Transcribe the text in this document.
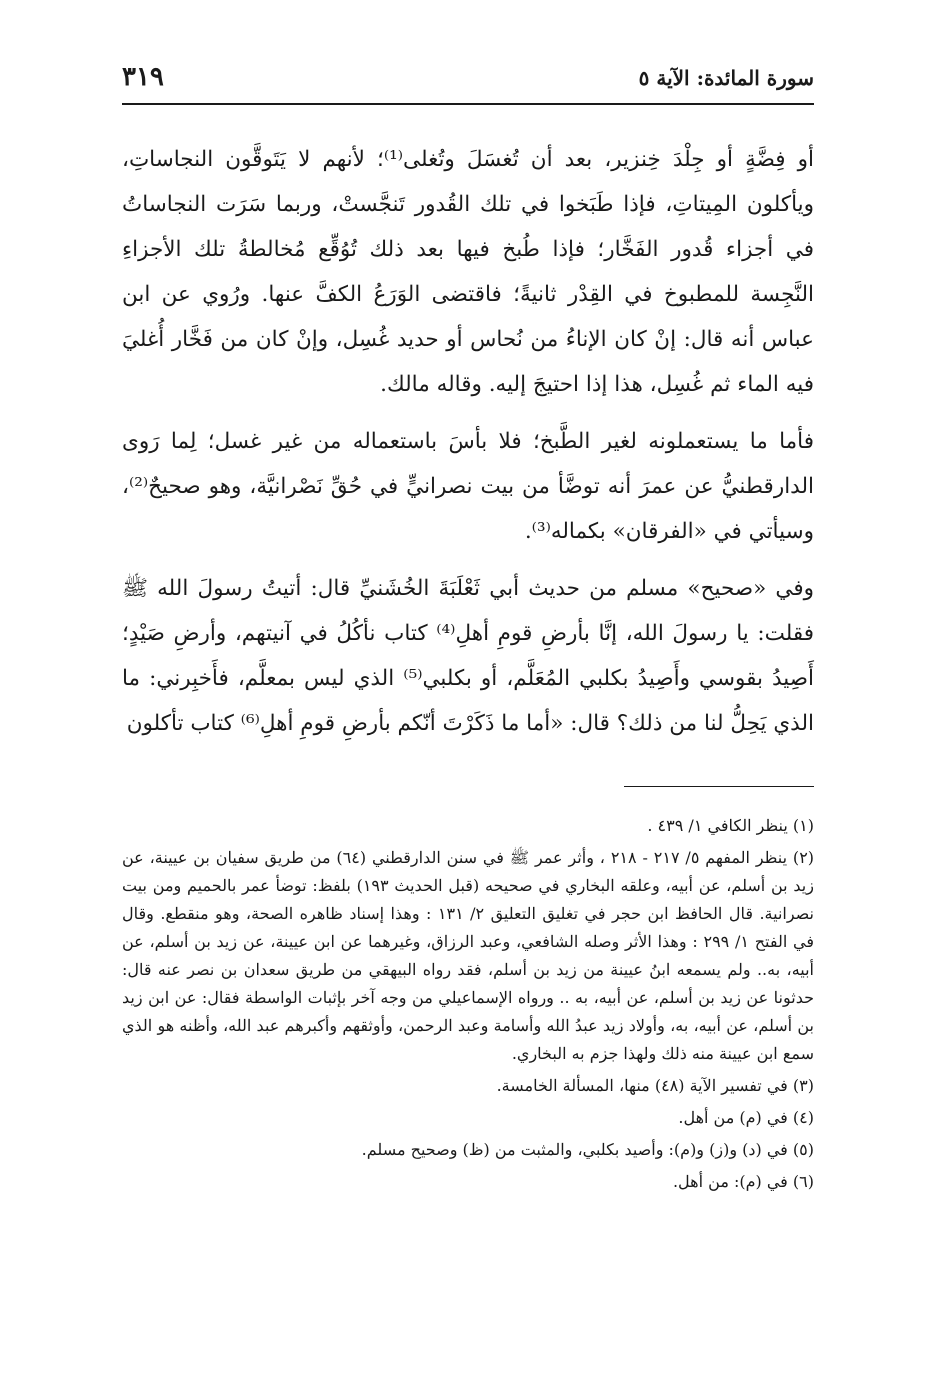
سورة المائدة: الآية ٥
٣١٩

أو فِضَّةٍ أو جِلْدَ خِنزير، بعد أن تُغسَلَ وتُغلى⁽¹⁾؛ لأنهم لا يَتَوقَّون النجاساتِ، ويأكلون المِيتاتِ، فإذا طَبَخوا في تلك القُدور تَنجَّستْ، وربما سَرَت النجاساتُ في أجزاء قُدور الفَخَّار؛ فإذا طُبخ فيها بعد ذلك تُوُقِّع مُخالطةُ تلك الأجزاءِ النَّجِسة للمطبوخ في القِدْر ثانيةً؛ فاقتضى الوَرَعُ الكفَّ عنها. ورُوي عن ابن عباس أنه قال: إنْ كان الإناءُ من نُحاس أو حديد غُسِل، وإنْ كان من فَخَّار أُغليَ فيه الماء ثم غُسِل، هذا إذا احتيجَ إليه. وقاله مالك.

فأما ما يستعملونه لغير الطَّبخ؛ فلا بأسَ باستعماله من غير غسل؛ لِما رَوى الدارقطنيُّ عن عمرَ أنه توضَّأ من بيت نصرانيٍّ في حُقِّ نَصْرانيَّة، وهو صحيحٌ⁽²⁾، وسيأتي في «الفرقان» بكماله⁽³⁾.

وفي «صحيح» مسلم من حديث أبي ثَعْلَبَةَ الخُشَنيِّ قال: أتيتُ رسولَ الله ﷺ فقلت: يا رسولَ الله، إنَّا بأرضِ قومِ أهلِ⁽⁴⁾ كتاب نأكُلُ في آنيتهم، وأرضِ صَيْدٍ؛ أَصِيدُ بقوسي وأَصِيدُ بكلبي المُعَلَّم، أو بكلبي⁽⁵⁾ الذي ليس بمعلَّم، فأَخبِرني: ما الذي يَحِلُّ لنا من ذلك؟ قال: «أما ما ذَكَرْتَ أنّكم بأرضِ قومِ أهلِ⁽⁶⁾ كتاب تأكلون

(١) ينظر الكافي ١/ ٤٣٩ .

(٢) ينظر المفهم ٥/ ٢١٧ - ٢١٨ ، وأثر عمر ﷺ في سنن الدارقطني (٦٤) من طريق سفيان بن عيينة، عن زيد بن أسلم، عن أبيه، وعلقه البخاري في صحيحه (قبل الحديث ١٩٣) بلفظ: توضأ عمر بالحميم ومن بيت نصرانية. قال الحافظ ابن حجر في تغليق التعليق ٢/ ١٣١ : وهذا إسناد ظاهره الصحة، وهو منقطع. وقال في الفتح ١/ ٢٩٩ : وهذا الأثر وصله الشافعي، وعبد الرزاق، وغيرهما عن ابن عيينة، عن زيد بن أسلم، عن أبيه، به.. ولم يسمعه ابنُ عيينة من زيد بن أسلم، فقد رواه البيهقي من طريق سعدان بن نصر عنه قال: حدثونا عن زيد بن أسلم، عن أبيه، به .. ورواه الإسماعيلي من وجه آخر بإثبات الواسطة فقال: عن ابن زيد بن أسلم، عن أبيه، به، وأولاد زيد عبدُ الله وأسامة وعبد الرحمن، وأوثقهم وأكبرهم عبد الله، وأظنه هو الذي سمع ابن عيينة منه ذلك ولهذا جزم به البخاري.

(٣) في تفسير الآية (٤٨) منها، المسألة الخامسة.

(٤) في (م) من أهل.

(٥) في (د) و(ز) و(م): وأصيد بكلبي، والمثبت من (ظ) وصحيح مسلم.

(٦) في (م): من أهل.
